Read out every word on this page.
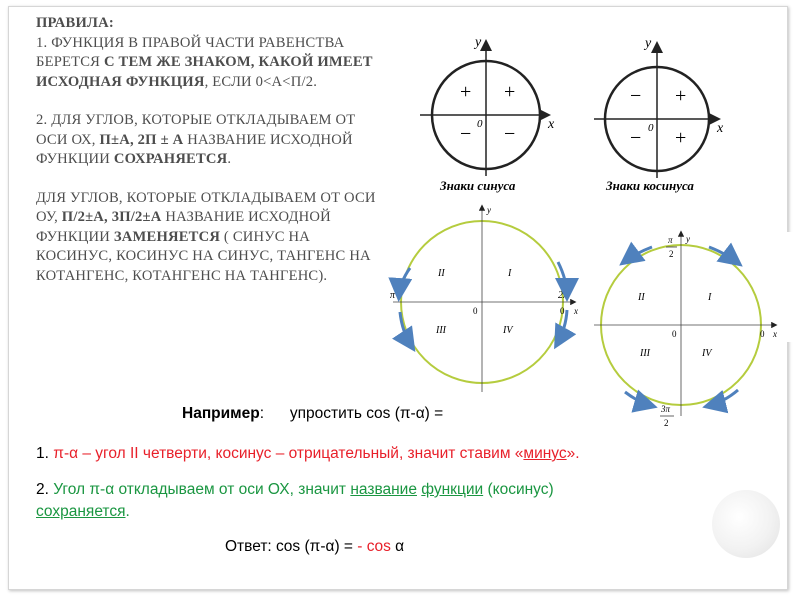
ПРАВИЛА:

1. ФУНКЦИЯ В ПРАВОЙ ЧАСТИ РАВЕНСТВА БЕРЕТСЯ С ТЕМ ЖЕ ЗНАКОМ, КАКОЙ ИМЕЕТ ИСХОДНАЯ ФУНКЦИЯ, ЕСЛИ 0<A<П/2.

2. ДЛЯ УГЛОВ, КОТОРЫЕ ОТКЛАДЫВАЕМ ОТ ОСИ ОХ, П±А, 2П ± А НАЗВАНИЕ ИСХОДНОЙ ФУНКЦИИ СОХРАНЯЕТСЯ.

ДЛЯ УГЛОВ, КОТОРЫЕ ОТКЛАДЫВАЕМ ОТ ОСИ ОУ, П/2±А, 3П/2±А НАЗВАНИЕ ИСХОДНОЙ ФУНКЦИИ ЗАМЕНЯЕТСЯ ( СИНУС НА КОСИНУС, КОСИНУС НА СИНУС, ТАНГЕНС НА КОТАНГЕНС, КОТАНГЕНС НА ТАНГЕНС).

y
x
0
+
+
− −
Знаки синуса
y
x
0
+
−
− +
Знаки косинуса
y
x
I
II
III	IV
0	0
π	2π
y
x
I
II
III	IV
0	0
π
2
3π
2
Например: упростить cos (π-α) =
1. π-α – угол II четверти, косинус – отрицательный, значит ставим «минус».
2. Угол π-α откладываем от оси ОХ, значит название функции (косинус)
сохраняется.
Ответ: cos (π-α) = - cos α
